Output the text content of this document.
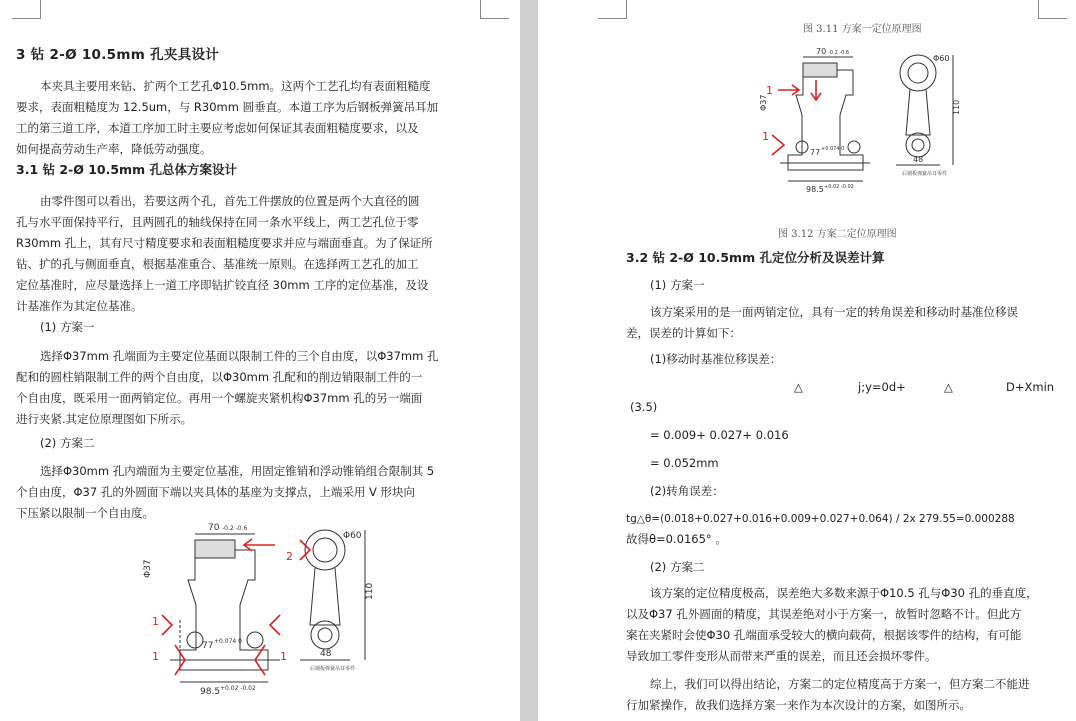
3 钻 2-Ø 10.5mm 孔夹具设计
本夹具主要用来钻、扩两个工艺孔Φ10.5mm。这两个工艺孔均有表面粗糙度
要求，表面粗糙度为 12.5um，与 R30mm 圆垂直。本道工序为后钢板弹簧吊耳加
工的第三道工序，本道工序加工时主要应考虑如何保证其表面粗糙度要求，以及
如何提高劳动生产率，降低劳动强度。
3.1 钻 2-Ø 10.5mm 孔总体方案设计
由零件图可以看出，若要这两个孔，首先工件摆放的位置是两个大直径的圆
孔与水平面保持平行，且两圆孔的轴线保持在同一条水平线上，两工艺孔位于零
R30mm 孔上，其有尺寸精度要求和表面粗糙度要求并应与端面垂直。为了保证所
钻、扩的孔与侧面垂直，根据基准重合、基准统一原则。在选择两工艺孔的加工
定位基准时，应尽量选择上一道工序即钻扩铰直径 30mm 工序的定位基准，及设
计基准作为其定位基准。
(1) 方案一
选择Φ37mm 孔端面为主要定位基面以限制工件的三个自由度，以Φ37mm 孔
配和的圆柱销限制工件的两个自由度，以Φ30mm 孔配和的削边销限制工件的一
个自由度，既采用一面两销定位。再用一个螺旋夹紧机构Φ37mm 孔的另一端面
进行夹紧.其定位原理图如下所示。
(2) 方案二
选择Φ30mm 孔内端面为主要定位基准，用固定锥销和浮动锥销组合限制其 5
个自由度，Φ37 孔的外圆面下端以夹具体的基座为支撑点，上端采用 V 形块向
下压紧以限制一个自由度。
70 -0.2 -0.6
Φ37
77 +0.074 0
98.5 +0.02 -0.02
110
Φ60
48
后钢板弹簧吊耳零件
2
1
1	1
图 3.11 方案一定位原理图
70 -0.2 -0.6
Φ37
77 +0.074 0
98.5 +0.02 -0.02
110
Φ60
48
后钢板弹簧吊耳零件
1
1
图 3.12 方案二定位原理图
3.2 钻 2-Ø 10.5mm 孔定位分析及误差计算
(1) 方案一
该方案采用的是一面两销定位，具有一定的转角误差和移动时基准位移误
差，误差的计算如下：
(1)移动时基准位移误差：
△	j;y=0d+	△	D+Xmin
(3.5)
= 0.009+ 0.027+ 0.016
= 0.052mm
(2)转角误差：
tg△θ=(0.018+0.027+0.016+0.009+0.027+0.064) / 2x 279.55=0.000288
故得θ=0.0165° 。
(2) 方案二
该方案的定位精度极高，误差绝大多数来源于Φ10.5 孔与Φ30 孔的垂直度，
以及Φ37 孔外圆面的精度，其误差绝对小于方案一，故暂时忽略不计。但此方
案在夹紧时会使Φ30 孔端面承受较大的横向载荷，根据该零件的结构，有可能
导致加工零件变形从而带来严重的误差，而且还会损坏零件。
综上，我们可以得出结论，方案二的定位精度高于方案一，但方案二不能进
行加紧操作，故我们选择方案一来作为本次设计的方案，如图所示。
